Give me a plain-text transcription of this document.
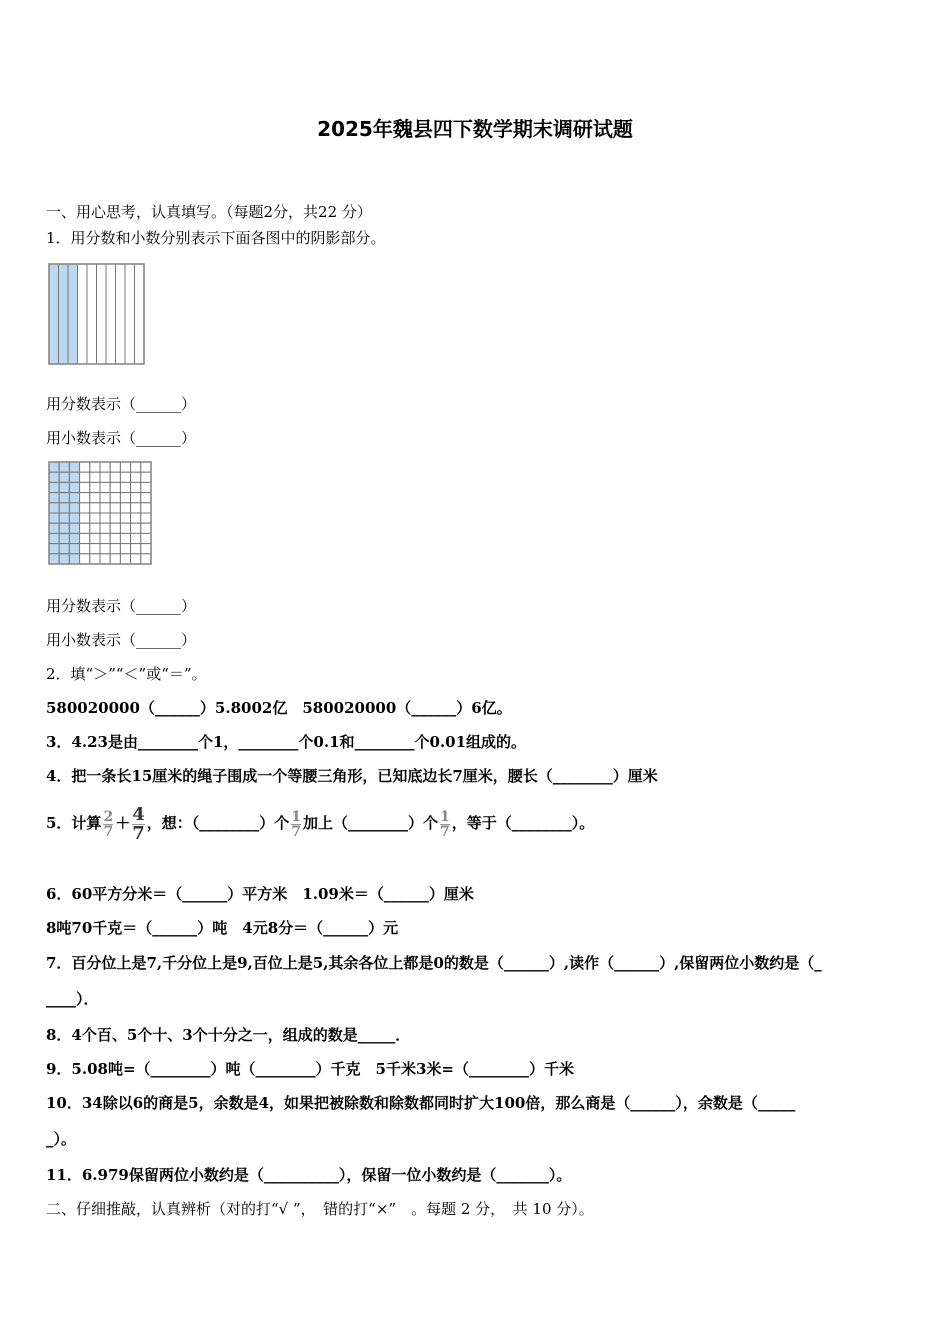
2025年魏县四下数学期末调研试题
一、用心思考，认真填写。（每题2分，共22 分）
1．用分数和小数分别表示下面各图中的阴影部分。
用分数表示（______）
用小数表示（______）
用分数表示（______）
用小数表示（______）
2．填“＞”“＜”或“＝”。
580020000（______）5.8002亿　580020000（______）6亿。
3．4.23是由________个1，________个0.1和________个0.01组成的。
4．把一条长15厘米的绳子围成一个等腰三角形，已知底边长7厘米，腰长（________）厘米
5．计算 $\frac{2}{7} + \frac{4}{7}$ ，想：（________）个 $\frac{1}{7}$ 加上（________）个 $\frac{1}{7}$ ，等于（________）。
6．60平方分米＝（______）平方米　1.09米＝（______）厘米
8吨70千克＝（______）吨　4元8分＝（______）元
7．百分位上是7,千分位上是9,百位上是5,其余各位上都是0的数是（______）,读作（______）,保留两位小数约是（_
____）．
8．4个百、5个十、3个十分之一，组成的数是_____．
9．5.08吨=（________）吨（________）千克　5千米3米=（________）千米
10．34除以6的商是5，余数是4，如果把被除数和除数都同时扩大100倍，那么商是（______），余数是（_____
_）。
11．6.979保留两位小数约是（__________），保留一位小数约是（_______）。
二、仔细推敲，认真辨析（对的打“√ ”，　错的打“×”　。每题 2 分，　共 10 分）。
